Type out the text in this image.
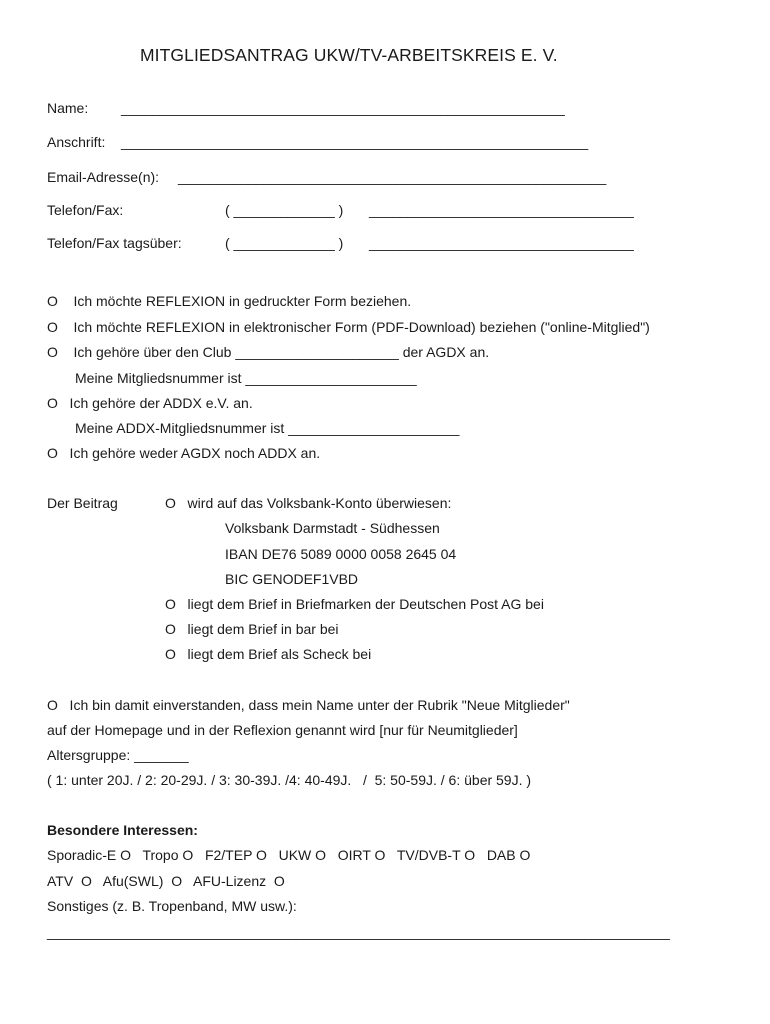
MITGLIEDSANTRAG UKW/TV-ARBEITSKREIS E. V.
Name: _________________________________________________________
Anschrift: ____________________________________________________________
Email-Adresse(n): _______________________________________________________
Telefon/Fax:	( _____________ ) __________________________________
Telefon/Fax tagsüber:	( _____________ ) __________________________________
O    Ich möchte REFLEXION in gedruckter Form beziehen.
O    Ich möchte REFLEXION in elektronischer Form (PDF-Download) beziehen ("online-Mitglied")
O    Ich gehöre über den Club _____________________ der AGDX an.
Meine Mitgliedsnummer ist ______________________
O   Ich gehöre der ADDX e.V. an.
Meine ADDX-Mitgliedsnummer ist ______________________
O   Ich gehöre weder AGDX noch ADDX an.
Der Beitrag	O   wird auf das Volksbank-Konto überwiesen:
Volksbank Darmstadt - Südhessen
IBAN DE76 5089 0000 0058 2645 04
BIC GENODEF1VBD
O   liegt dem Brief in Briefmarken der Deutschen Post AG bei
O   liegt dem Brief in bar bei
O   liegt dem Brief als Scheck bei
O   Ich bin damit einverstanden, dass mein Name unter der Rubrik "Neue Mitglieder"
auf der Homepage und in der Reflexion genannt wird [nur für Neumitglieder]
Altersgruppe: _______
( 1: unter 20J. / 2: 20-29J. / 3: 30-39J. /4: 40-49J.   /  5: 50-59J. / 6: über 59J. )
Besondere Interessen:
Sporadic-E O   Tropo O   F2/TEP O   UKW O   OIRT O   TV/DVB-T O   DAB O
ATV  O   Afu(SWL)  O   AFU-Lizenz  O
Sonstiges (z. B. Tropenband, MW usw.):
________________________________________________________________________________
